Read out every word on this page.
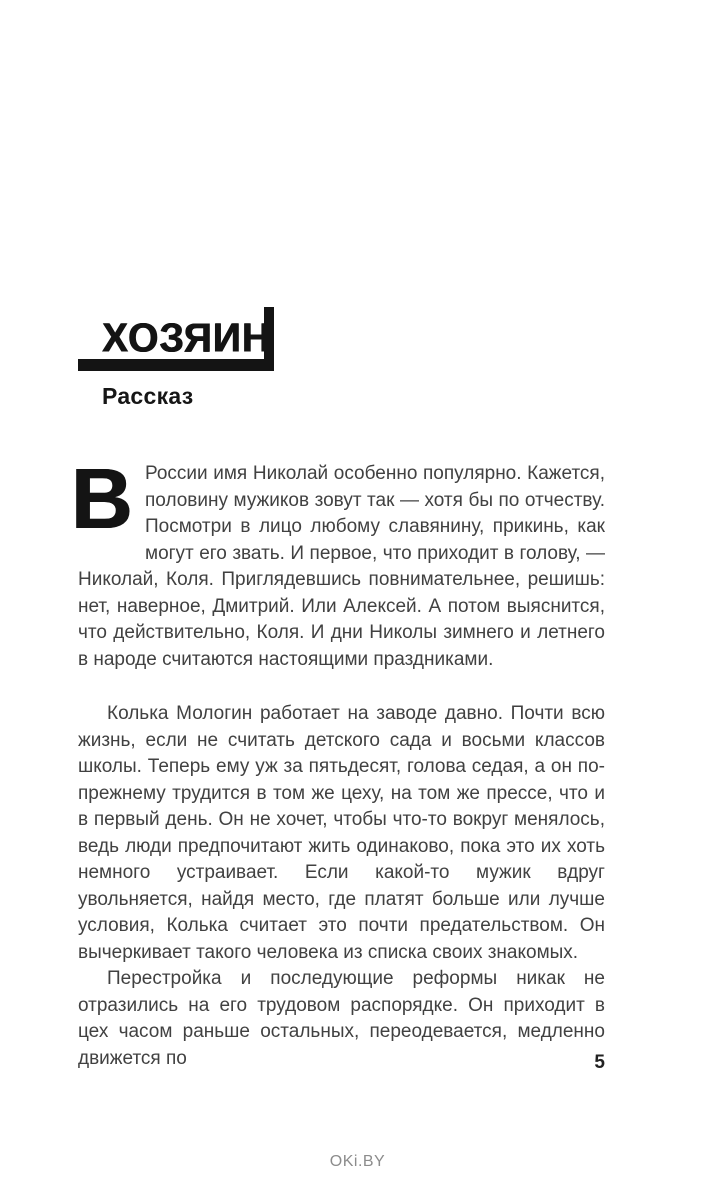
ХОЗЯИН
Рассказ

В России имя Николай особенно популярно. Кажется, половину мужиков зовут так — хотя бы по отчеству. Посмотри в лицо любому славянину, прикинь, как могут его звать. И первое, что приходит в голову, — Николай, Коля. Приглядевшись повнимательнее, решишь: нет, наверное, Дмитрий. Или Алексей. А потом выяснится, что действительно, Коля. И дни Николы зимнего и летнего в народе считаются настоящими праздниками.

Колька Мологин работает на заводе давно. Почти всю жизнь, если не считать детского сада и восьми классов школы. Теперь ему уж за пятьдесят, голова седая, а он по-прежнему трудится в том же цеху, на том же прессе, что и в первый день. Он не хочет, чтобы что-то вокруг менялось, ведь люди предпочитают жить одинаково, пока это их хоть немного устраивает. Если какой-то мужик вдруг увольняется, найдя место, где платят больше или лучше условия, Колька считает это почти предательством. Он вычеркивает такого человека из списка своих знакомых.

Перестройка и последующие реформы никак не отразились на его трудовом распорядке. Он приходит в цех часом раньше остальных, переодевается, медленно движется по	5
OKi.BY
